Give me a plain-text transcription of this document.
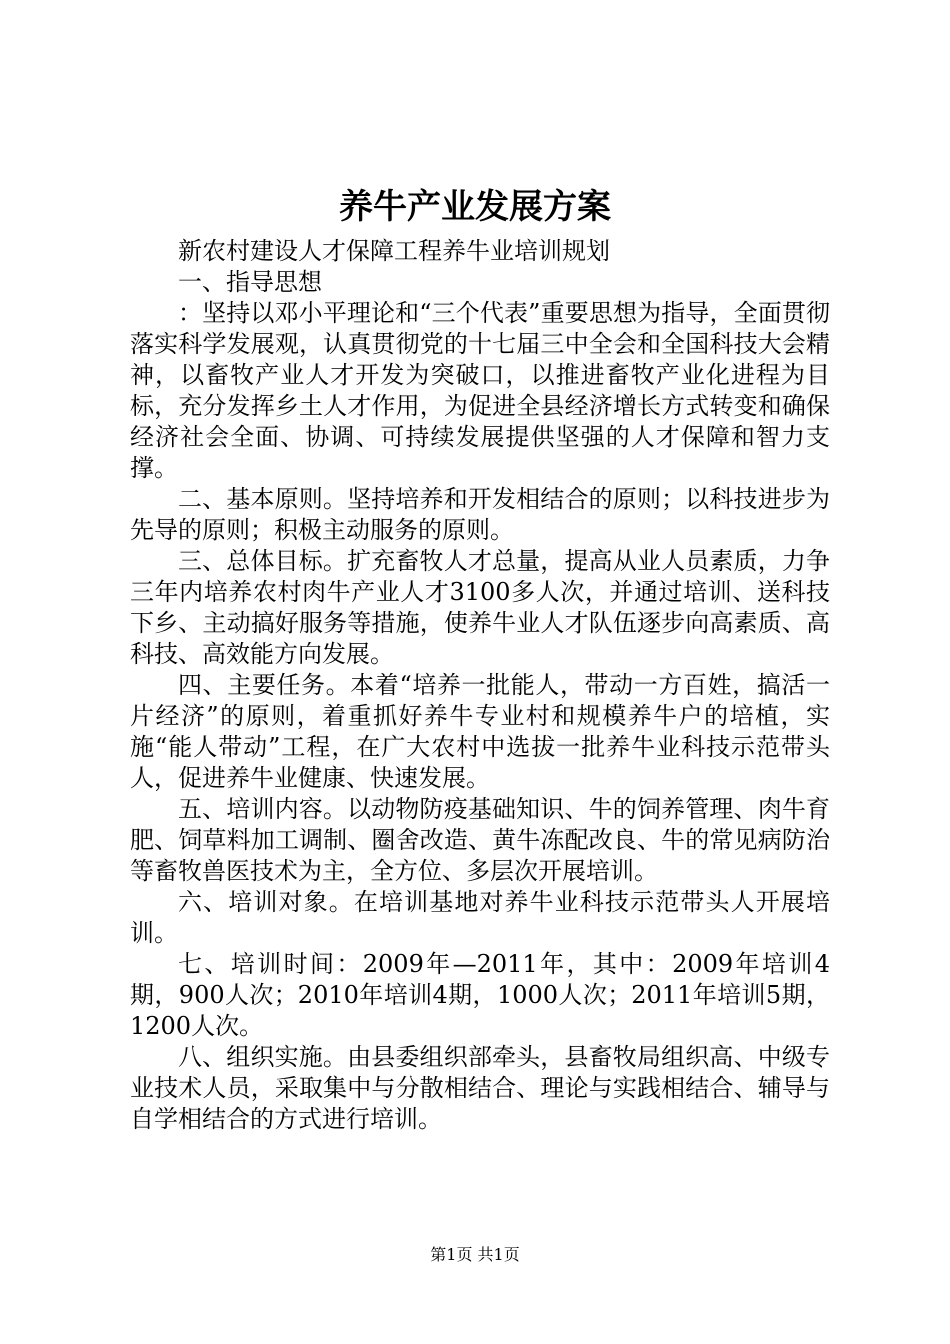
养牛产业发展方案

新农村建设人才保障工程养牛业培训规划

一、指导思想

：坚持以邓小平理论和“三个代表”重要思想为指导，全面贯彻落实科学发展观，认真贯彻党的十七届三中全会和全国科技大会精神，以畜牧产业人才开发为突破口，以推进畜牧产业化进程为目标，充分发挥乡土人才作用，为促进全县经济增长方式转变和确保经济社会全面、协调、可持续发展提供坚强的人才保障和智力支撑。

二、基本原则。坚持培养和开发相结合的原则；以科技进步为先导的原则；积极主动服务的原则。

三、总体目标。扩充畜牧人才总量，提高从业人员素质，力争三年内培养农村肉牛产业人才3100多人次，并通过培训、送科技下乡、主动搞好服务等措施，使养牛业人才队伍逐步向高素质、高科技、高效能方向发展。

四、主要任务。本着“培养一批能人，带动一方百姓，搞活一片经济”的原则，着重抓好养牛专业村和规模养牛户的培植，实施“能人带动”工程，在广大农村中选拔一批养牛业科技示范带头人，促进养牛业健康、快速发展。

五、培训内容。以动物防疫基础知识、牛的饲养管理、肉牛育肥、饲草料加工调制、圈舍改造、黄牛冻配改良、牛的常见病防治等畜牧兽医技术为主，全方位、多层次开展培训。

六、培训对象。在培训基地对养牛业科技示范带头人开展培训。

七、培训时间：2009年—2011年，其中：2009年培训4期，900人次；2010年培训4期，1000人次；2011年培训5期，1200人次。

八、组织实施。由县委组织部牵头，县畜牧局组织高、中级专业技术人员，采取集中与分散相结合、理论与实践相结合、辅导与自学相结合的方式进行培训。

第1页 共1页
